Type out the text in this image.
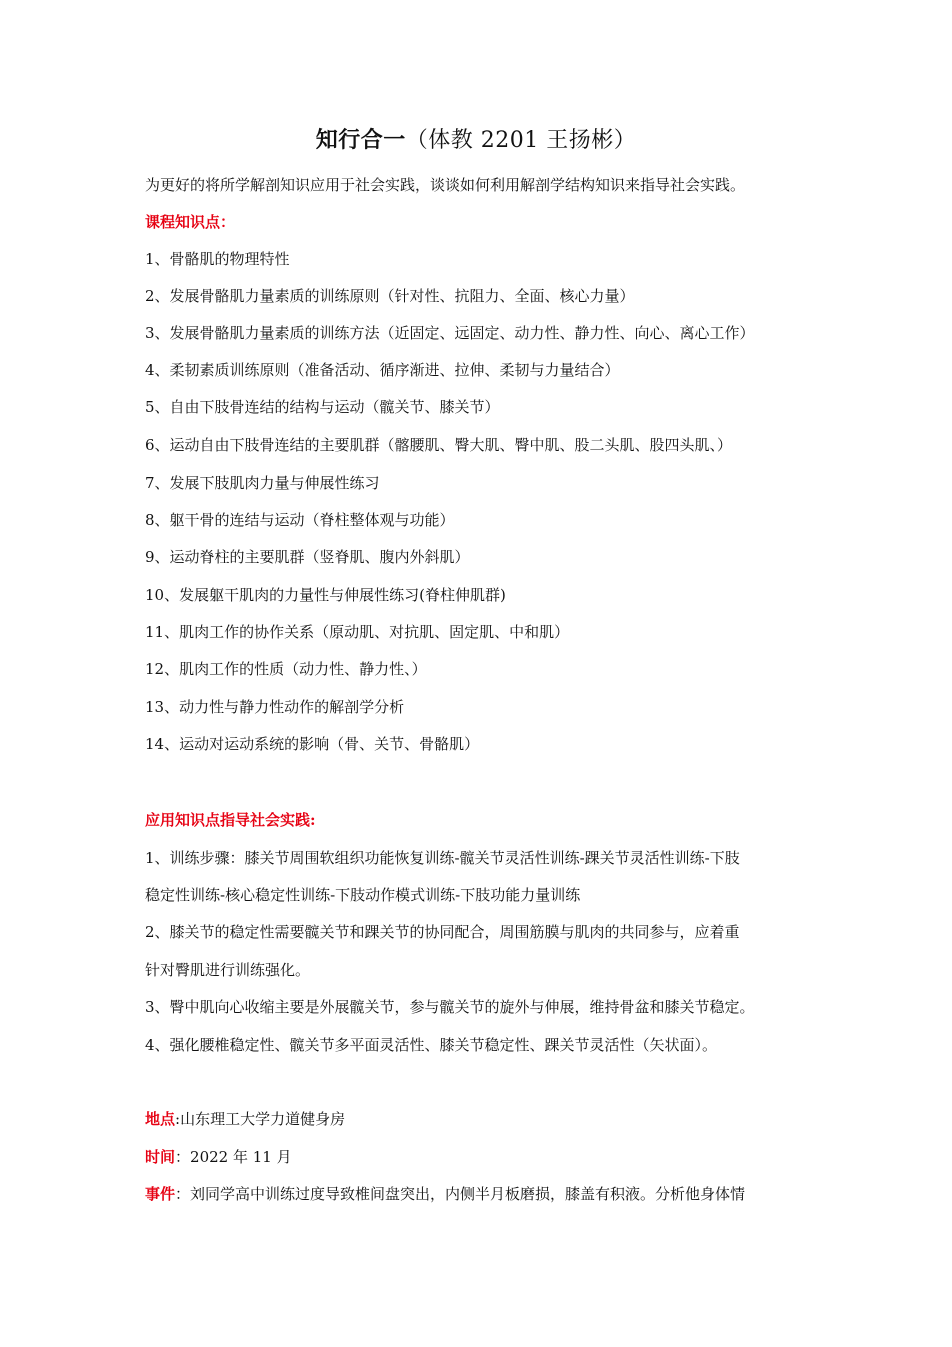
知行合一（体教 2201 王扬彬）
为更好的将所学解剖知识应用于社会实践，谈谈如何利用解剖学结构知识来指导社会实践。
课程知识点：
1、骨骼肌的物理特性
2、发展骨骼肌力量素质的训练原则（针对性、抗阻力、全面、核心力量）
3、发展骨骼肌力量素质的训练方法（近固定、远固定、动力性、静力性、向心、离心工作）
4、柔韧素质训练原则（准备活动、循序渐进、拉伸、柔韧与力量结合）
5、自由下肢骨连结的结构与运动（髋关节、膝关节）
6、运动自由下肢骨连结的主要肌群（髂腰肌、臀大肌、臀中肌、股二头肌、股四头肌、）
7、发展下肢肌肉力量与伸展性练习
8、躯干骨的连结与运动（脊柱整体观与功能）
9、运动脊柱的主要肌群（竖脊肌、腹内外斜肌）
10、发展躯干肌肉的力量性与伸展性练习(脊柱伸肌群)
11、肌肉工作的协作关系（原动肌、对抗肌、固定肌、中和肌）
12、肌肉工作的性质（动力性、静力性、）
13、动力性与静力性动作的解剖学分析
14、运动对运动系统的影响（骨、关节、骨骼肌）
应用知识点指导社会实践:
1、训练步骤：膝关节周围软组织功能恢复训练-髋关节灵活性训练-踝关节灵活性训练-下肢
稳定性训练-核心稳定性训练-下肢动作模式训练-下肢功能力量训练
2、膝关节的稳定性需要髋关节和踝关节的协同配合，周围筋膜与肌肉的共同参与，应着重
针对臀肌进行训练强化。
3、臀中肌向心收缩主要是外展髋关节，参与髋关节的旋外与伸展，维持骨盆和膝关节稳定。
4、强化腰椎稳定性、髋关节多平面灵活性、膝关节稳定性、踝关节灵活性（矢状面）。
地点:山东理工大学力道健身房
时间：2022 年 11 月
事件：刘同学高中训练过度导致椎间盘突出，内侧半月板磨损，膝盖有积液。分析他身体情
